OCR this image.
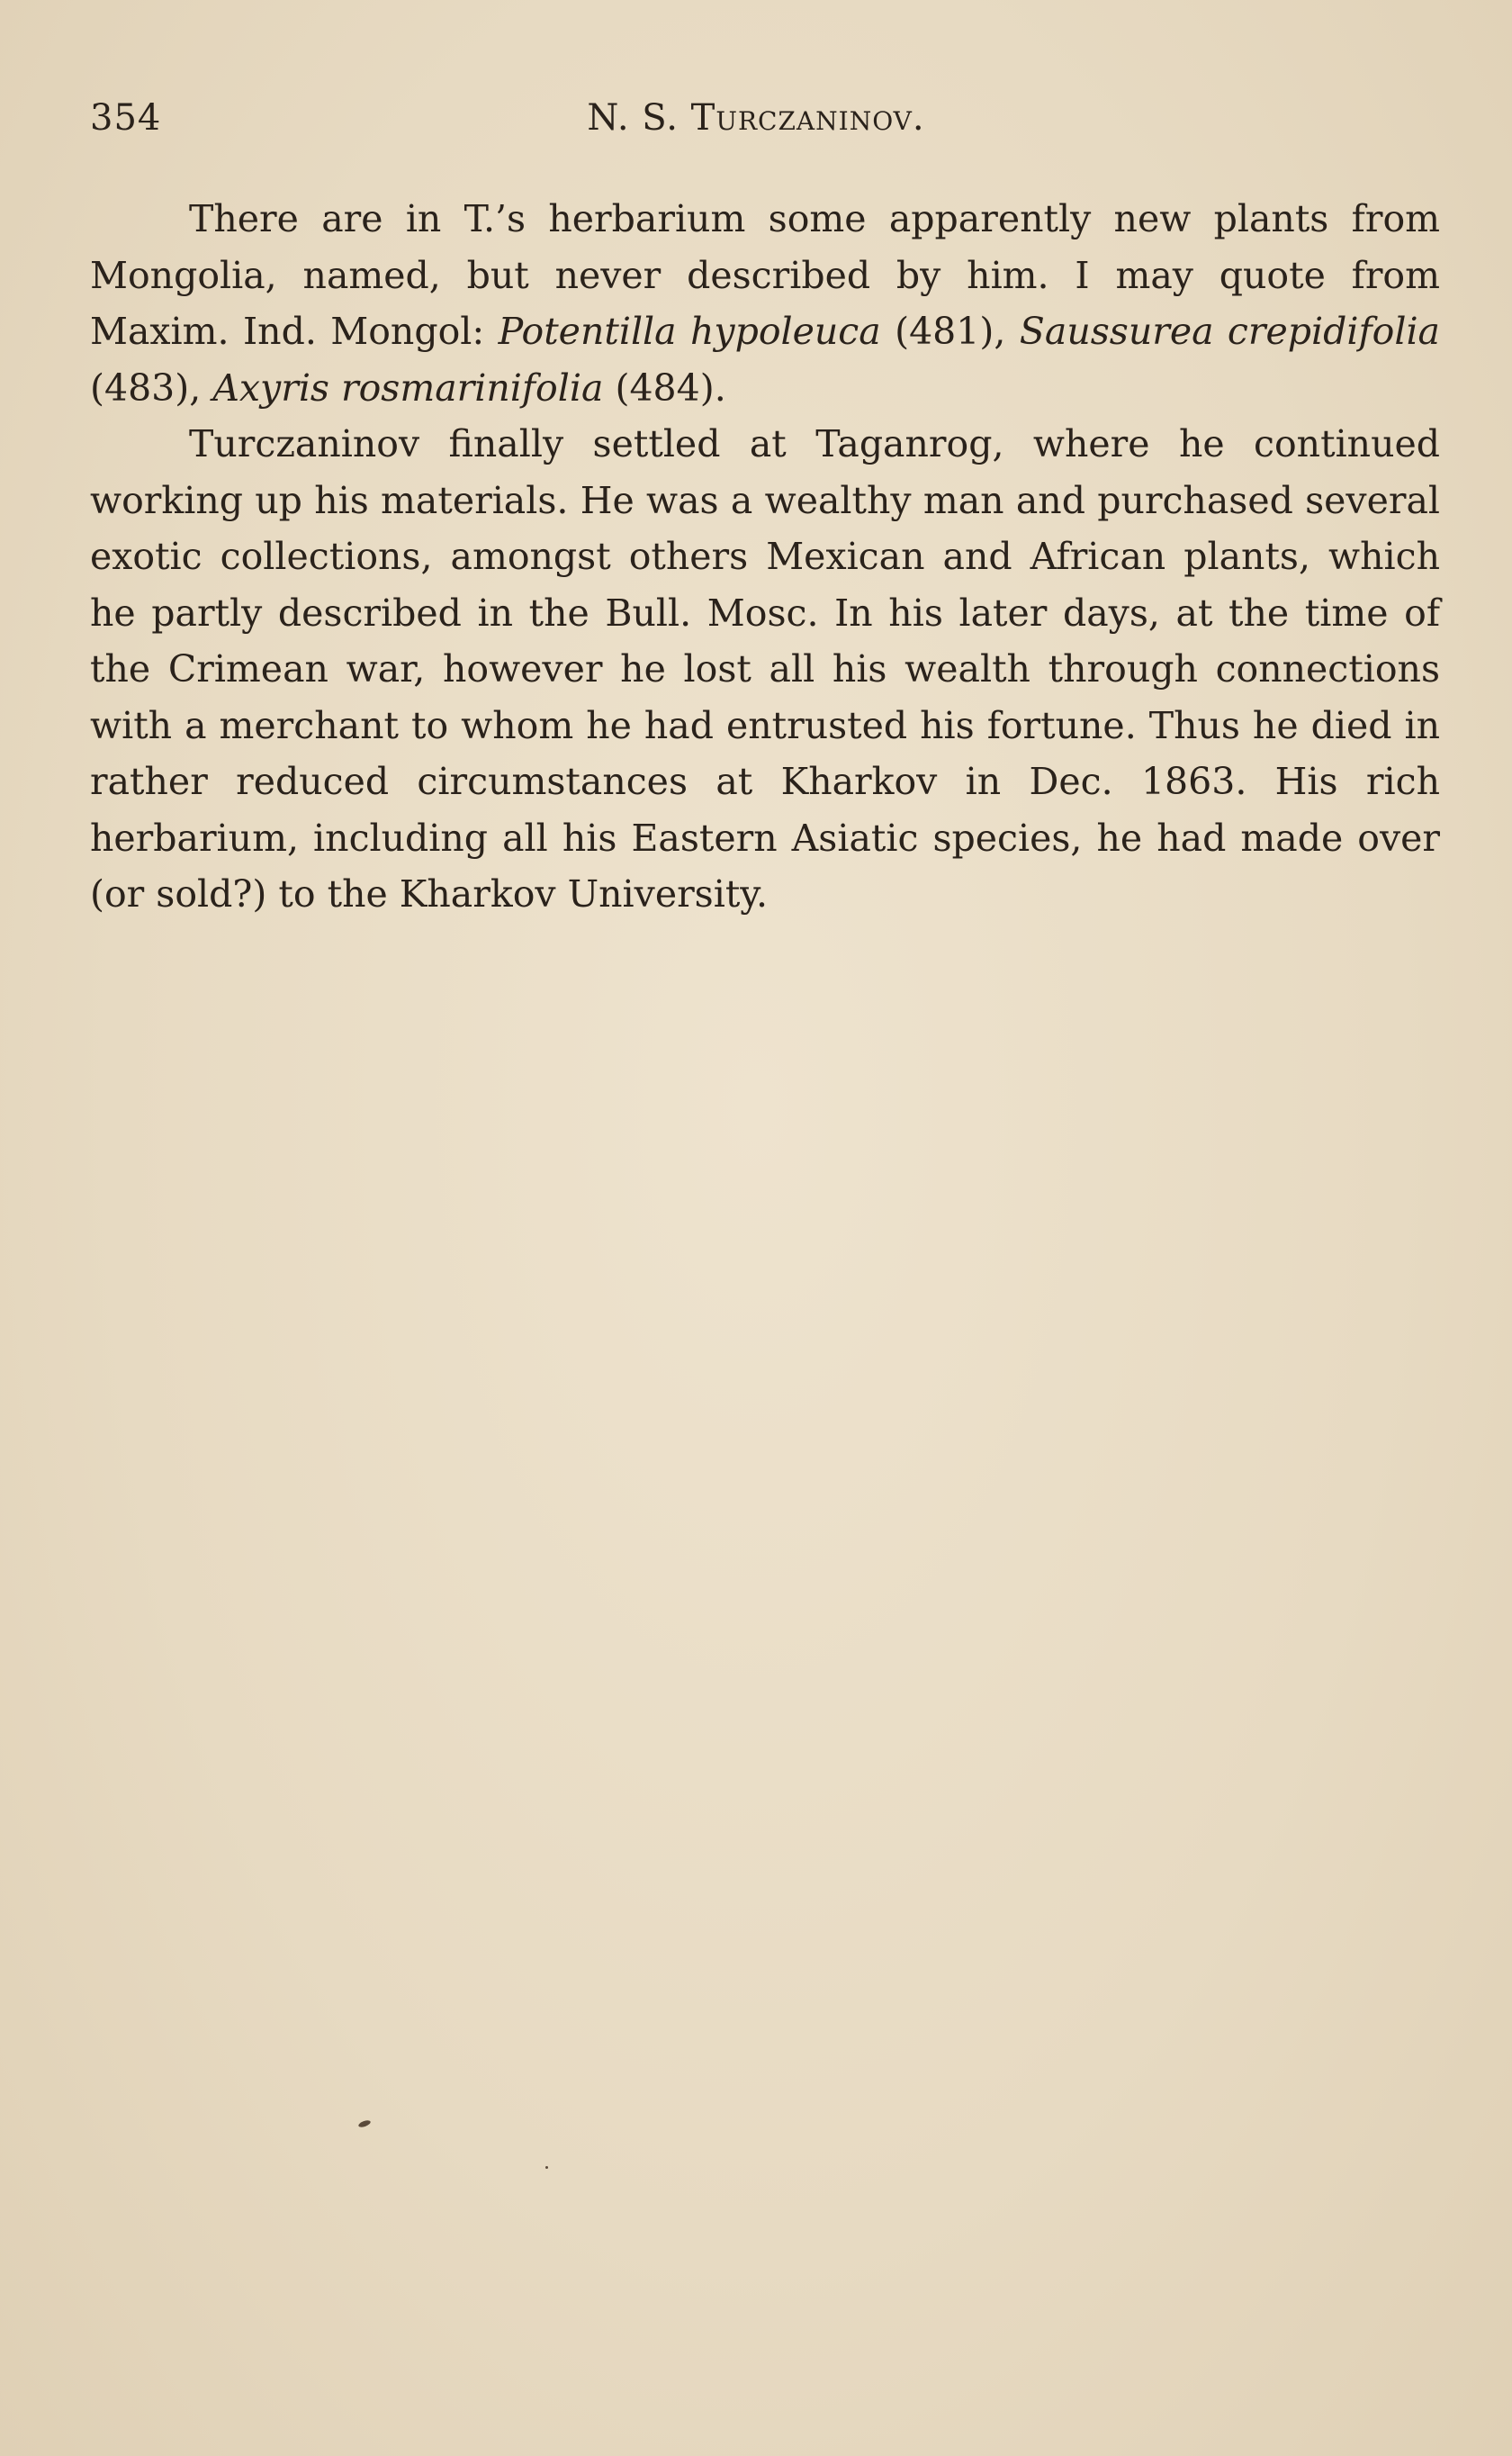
354	N. S. Turczaninov.

There are in T.’s herbarium some apparently new plants from Mongolia, named, but never described by him. I may quote from Maxim. Ind. Mongol: Potentilla hypoleuca (481), Saussurea crepidifolia (483), Axyris rosmarinifolia (484).

Turczaninov finally settled at Taganrog, where he continued working up his materials. He was a wealthy man and purchased several exotic collections, amongst others Mexican and African plants, which he partly described in the Bull. Mosc. In his later days, at the time of the Crimean war, however he lost all his wealth through connections with a merchant to whom he had entrusted his fortune. Thus he died in rather reduced circumstances at Kharkov in Dec. 1863. His rich herbarium, including all his Eastern Asiatic species, he had made over (or sold?) to the Kharkov University.
